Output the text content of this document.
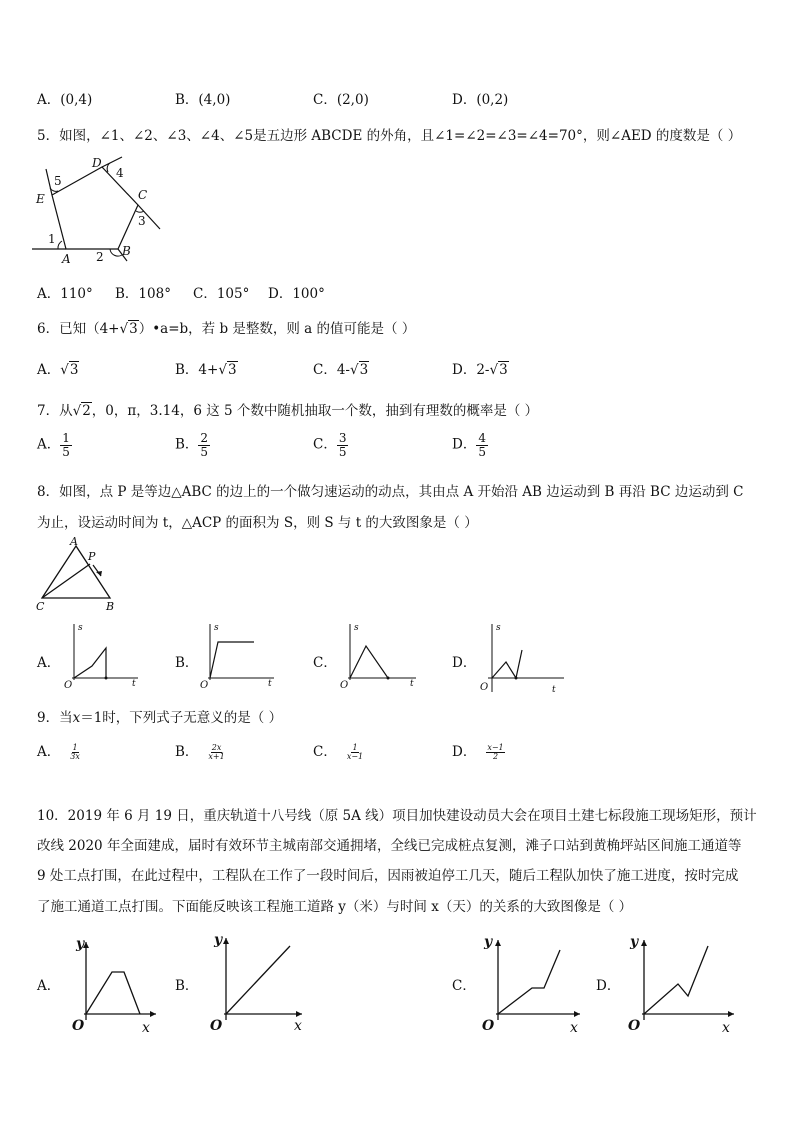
A．(0,4)	B．(4,0)	C．(2,0)	D．(0,2)
5．如图，∠1、∠2、∠3、∠4、∠5是五边形 ABCDE 的外角，且∠1=∠2=∠3=∠4=70°，则∠AED 的度数是（ ）
A
B
C
D
E
1
2
3
4
5
A．110° B．108° C．105° D．100°
6．已知（4+√3）•a=b，若 b 是整数，则 a 的值可能是（ ）
A．√3	B．4+√3	C．4-√3	D．2-√3
7．从√2，0，π，3.14，6 这 5 个数中随机抽取一个数，抽到有理数的概率是（ ）
A． $\frac{1}{5}$	B． $\frac{2}{5}$	C． $\frac{3}{5}$	D． $\frac{4}{5}$
8．如图，点 P 是等边△ABC 的边上的一个做匀速运动的动点，其由点 A 开始沿 AB 边运动到 B 再沿 BC 边运动到 C
为止，设运动时间为 t，△ACP 的面积为 S，则 S 与 t 的大致图象是（ ）
A
P
C	B
A．	B．	C．	D．
s
t
O
s
t
O
s
t
O
s
t
O
9．当x＝1时，下列式子无意义的是（ ）
A． $\frac{1}{3x}$	B． $\frac{2x}{x+1}$	C． $\frac{1}{x-1}$	D． $\frac{x-1}{2}$
10．2019 年 6 月 19 日，重庆轨道十八号线（原 5A 线）项目加快建设动员大会在项目土建七标段施工现场矩形，预计
改线 2020 年全面建成，届时有效环节主城南部交通拥堵，全线已完成桩点复测，滩子口站到黄桷坪站区间施工通道等
9 处工点打围，在此过程中，工程队在工作了一段时间后，因雨被迫停工几天，随后工程队加快了施工进度，按时完成
了施工通道工点打围。下面能反映该工程施工道路 y（米）与时间 x（天）的关系的大致图像是（ ）
A．	B．	C．	D．
y
x
O
y
x
O
y
x
O
y
x
O
